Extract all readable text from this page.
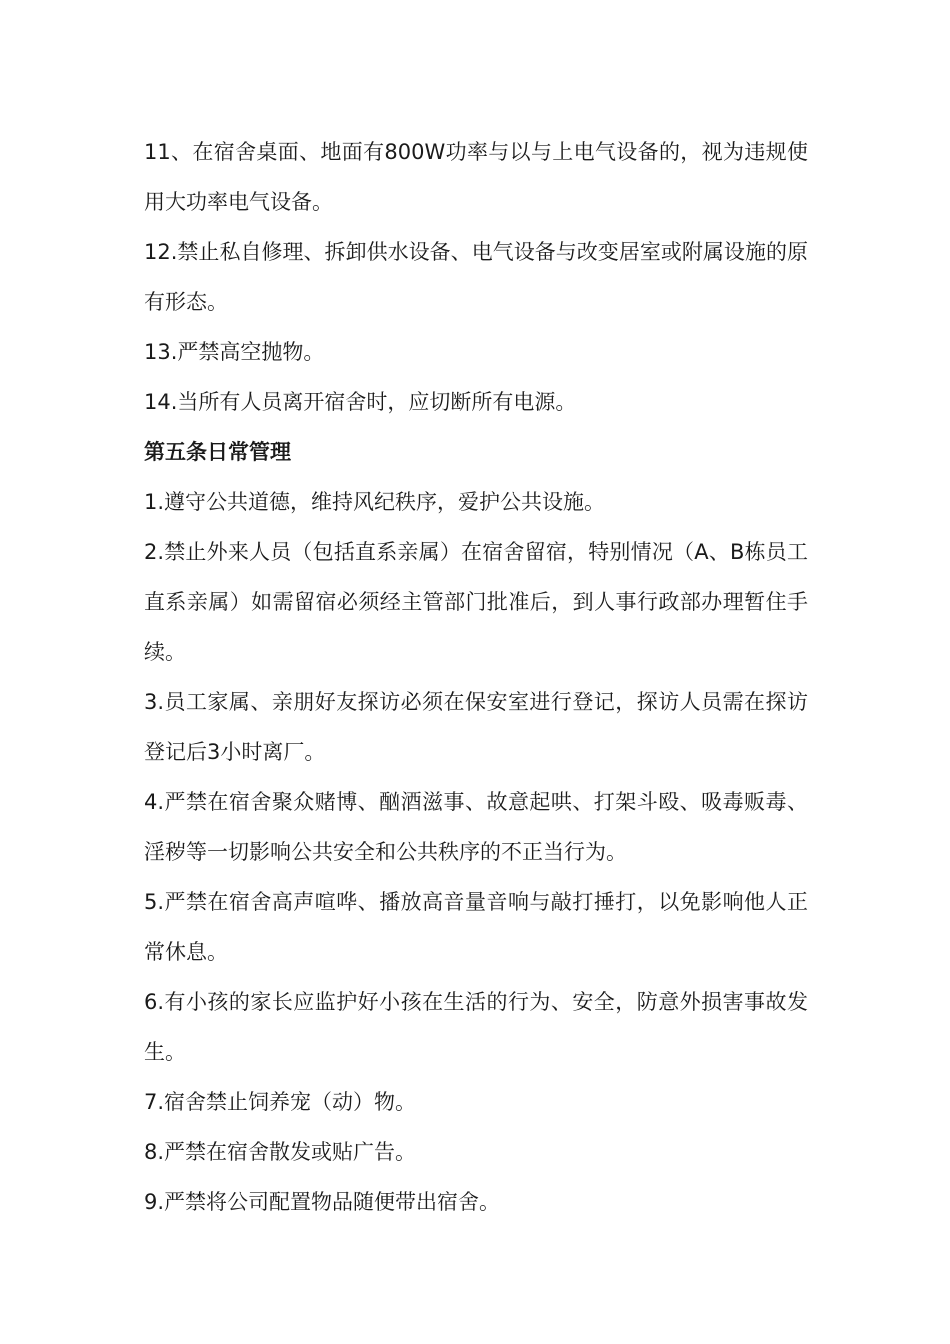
11、在宿舍桌面、地面有800W功率与以与上电气设备的，视为违规使用大功率电气设备。

12.禁止私自修理、拆卸供水设备、电气设备与改变居室或附属设施的原有形态。

13.严禁高空抛物。

14.当所有人员离开宿舍时，应切断所有电源。

第五条日常管理

1.遵守公共道德，维持风纪秩序，爱护公共设施。

2.禁止外来人员（包括直系亲属）在宿舍留宿，特别情况（A、B栋员工直系亲属）如需留宿必须经主管部门批准后，到人事行政部办理暂住手续。

3.员工家属、亲朋好友探访必须在保安室进行登记，探访人员需在探访登记后3小时离厂。

4.严禁在宿舍聚众赌博、酗酒滋事、故意起哄、打架斗殴、吸毒贩毒、淫秽等一切影响公共安全和公共秩序的不正当行为。

5.严禁在宿舍高声喧哗、播放高音量音响与敲打捶打，以免影响他人正常休息。

6.有小孩的家长应监护好小孩在生活的行为、安全，防意外损害事故发生。

7.宿舍禁止饲养宠（动）物。

8.严禁在宿舍散发或贴广告。

9.严禁将公司配置物品随便带出宿舍。
